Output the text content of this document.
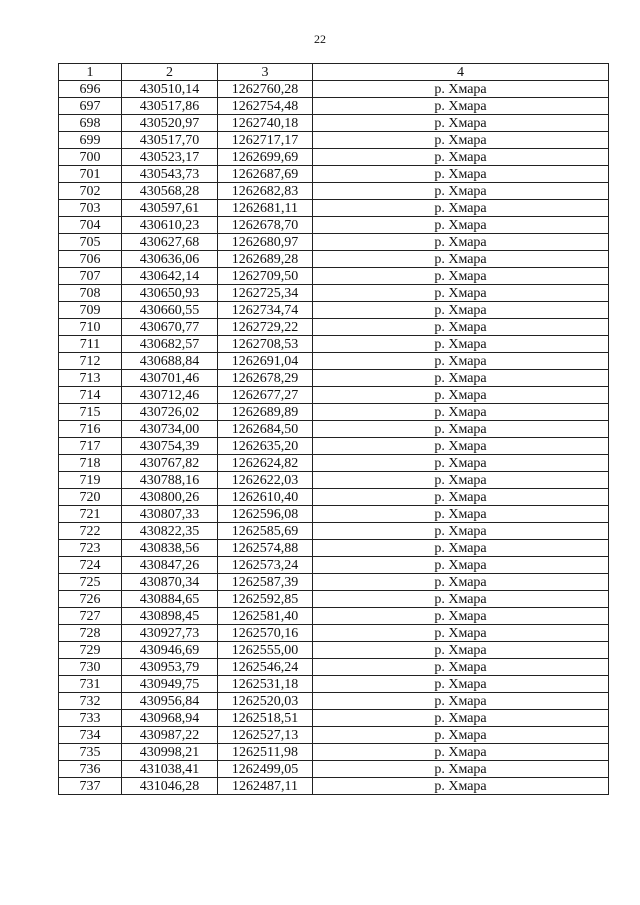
22
1	2	3	4
696	430510,14	1262760,28	р. Хмара
697	430517,86	1262754,48	р. Хмара
698	430520,97	1262740,18	р. Хмара
699	430517,70	1262717,17	р. Хмара
700	430523,17	1262699,69	р. Хмара
701	430543,73	1262687,69	р. Хмара
702	430568,28	1262682,83	р. Хмара
703	430597,61	1262681,11	р. Хмара
704	430610,23	1262678,70	р. Хмара
705	430627,68	1262680,97	р. Хмара
706	430636,06	1262689,28	р. Хмара
707	430642,14	1262709,50	р. Хмара
708	430650,93	1262725,34	р. Хмара
709	430660,55	1262734,74	р. Хмара
710	430670,77	1262729,22	р. Хмара
711	430682,57	1262708,53	р. Хмара
712	430688,84	1262691,04	р. Хмара
713	430701,46	1262678,29	р. Хмара
714	430712,46	1262677,27	р. Хмара
715	430726,02	1262689,89	р. Хмара
716	430734,00	1262684,50	р. Хмара
717	430754,39	1262635,20	р. Хмара
718	430767,82	1262624,82	р. Хмара
719	430788,16	1262622,03	р. Хмара
720	430800,26	1262610,40	р. Хмара
721	430807,33	1262596,08	р. Хмара
722	430822,35	1262585,69	р. Хмара
723	430838,56	1262574,88	р. Хмара
724	430847,26	1262573,24	р. Хмара
725	430870,34	1262587,39	р. Хмара
726	430884,65	1262592,85	р. Хмара
727	430898,45	1262581,40	р. Хмара
728	430927,73	1262570,16	р. Хмара
729	430946,69	1262555,00	р. Хмара
730	430953,79	1262546,24	р. Хмара
731	430949,75	1262531,18	р. Хмара
732	430956,84	1262520,03	р. Хмара
733	430968,94	1262518,51	р. Хмара
734	430987,22	1262527,13	р. Хмара
735	430998,21	1262511,98	р. Хмара
736	431038,41	1262499,05	р. Хмара
737	431046,28	1262487,11	р. Хмара
